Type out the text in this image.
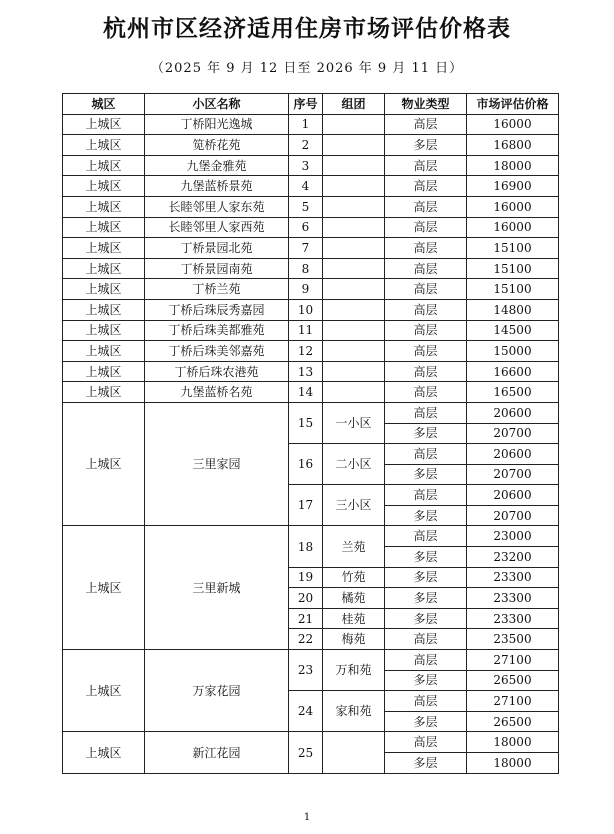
杭州市区经济适用住房市场评估价格表
（2025 年 9 月 12 日至 2026 年 9 月 11 日）
城区	小区名称	序号	组团	物业类型	市场评估价格
上城区	丁桥阳光逸城	1		高层	16000
上城区	笕桥花苑	2		多层	16800
上城区	九堡金雅苑	3		高层	18000
上城区	九堡蓝桥景苑	4		高层	16900
上城区	长睦邻里人家东苑	5		高层	16000
上城区	长睦邻里人家西苑	6		高层	16000
上城区	丁桥景园北苑	7		高层	15100
上城区	丁桥景园南苑	8		高层	15100
上城区	丁桥兰苑	9		高层	15100
上城区	丁桥后珠辰秀嘉园	10		高层	14800
上城区	丁桥后珠美都雅苑	11		高层	14500
上城区	丁桥后珠美邻嘉苑	12		高层	15000
上城区	丁桥后珠农港苑	13		高层	16600
上城区	九堡蓝桥名苑	14		高层	16500
上城区	三里家园	15	一小区	高层	20600
				多层	20700
		16	二小区	高层	20600
				多层	20700
		17	三小区	高层	20600
				多层	20700
上城区	三里新城	18	兰苑	高层	23000
				多层	23200
		19	竹苑	多层	23300
		20	橘苑	多层	23300
		21	桂苑	多层	23300
		22	梅苑	高层	23500
上城区	万家花园	23	万和苑	高层	27100
				多层	26500
		24	家和苑	高层	27100
				多层	26500
上城区	新江花园	25		高层	18000
				多层	18000
1
